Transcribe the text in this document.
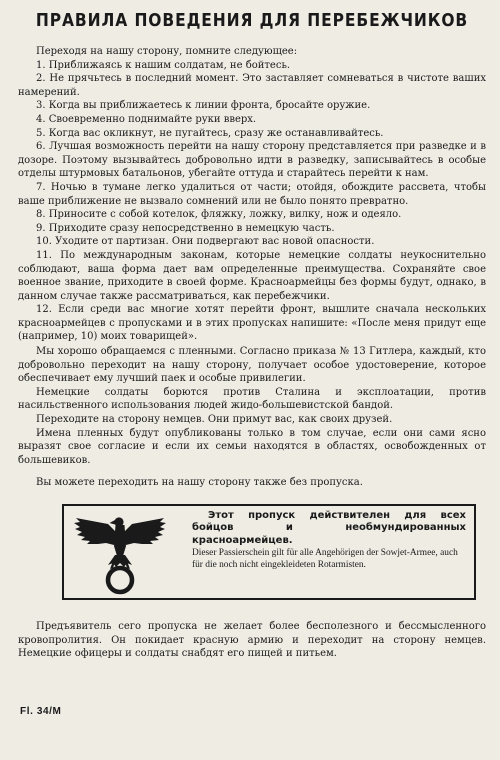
ПРАВИЛА ПОВЕДЕНИЯ ДЛЯ ПЕРЕБЕЖЧИКОВ

Переходя на нашу сторону, помните следующее:

1. Приближаясь к нашим солдатам, не бойтесь.

2. Не прячьтесь в последний момент. Это заставляет сомневаться в чистоте ваших намерений.

3. Когда вы приближаетесь к линии фронта, бросайте оружие.

4. Своевременно поднимайте руки вверх.

5. Когда вас окликнут, не пугайтесь, сразу же останавливайтесь.

6. Лучшая возможность перейти на нашу сторону представляется при разведке и в дозоре. Поэтому вызывайтесь добровольно идти в разведку, записывайтесь в особые отделы штурмовых батальонов, убегайте оттуда и старайтесь перейти к нам.

7. Ночью в тумане легко удалиться от части; отойдя, обождите рассвета, чтобы ваше приближение не вызвало сомнений или не было понято превратно.

8. Приносите с собой котелок, фляжку, ложку, вилку, нож и одеяло.

9. Приходите сразу непосредственно в немецкую часть.

10. Уходите от партизан. Они подвергают вас новой опасности.

11. По международным законам, которые немецкие солдаты неукоснительно соблюдают, ваша форма дает вам определенные преимущества. Сохраняйте свое военное звание, приходите в своей форме. Красноармейцы без формы будут, однако, в данном случае также рассматриваться, как перебежчики.

12. Если среди вас многие хотят перейти фронт, вышлите сначала нескольких красноармейцев с пропусками и в этих пропусках напишите: «После меня придут еще (например, 10) моих товарищей».

Мы хорошо обращаемся с пленными. Согласно приказа № 13 Гитлера, каждый, кто добровольно переходит на нашу сторону, получает особое удостоверение, которое обеспечивает ему лучший паек и особые привилегии.

Немецкие солдаты борются против Сталина и эксплоатации, против насильственного использования людей жидо-большевистской бандой.

Переходите на сторону немцев. Они примут вас, как своих друзей.

Имена пленных будут опубликованы только в том случае, если они сами ясно выразят свое согласие и если их семьи находятся в областях, освобожденных от большевиков.

Вы можете переходить на нашу сторону также без пропуска.

Этот пропуск действителен для всех бойцов и необмундированных красноармейцев.

Dieser Passierschein gilt für alle Angehörigen der Sowjet-Armee, auch für die noch nicht eingekleideten Rotarmisten.

Предъявитель сего пропуска не желает более бесполезного и бессмысленного кровопролития. Он покидает красную армию и переходит на сторону немцев. Немецкие офицеры и солдаты снабдят его пищей и питьем.

Fl. 34/M
